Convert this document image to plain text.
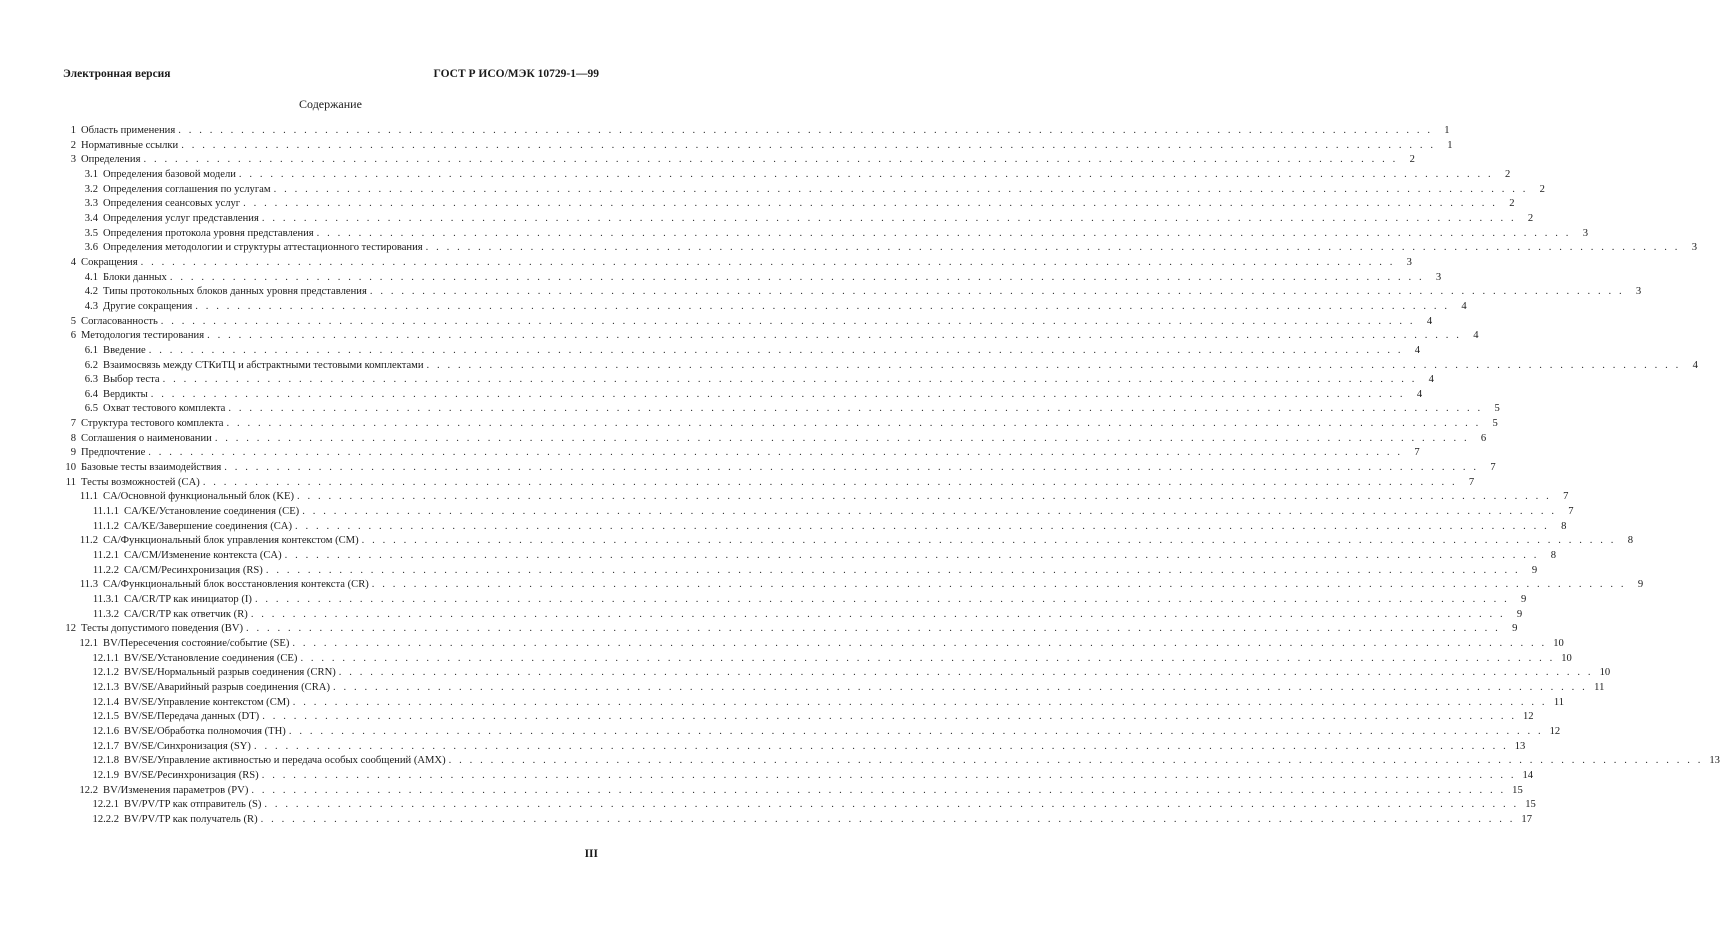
Электронная версия	ГОСТ Р ИСО/МЭК 10729-1—99
Содержание
1 Область применения . . . . . . . . . . . . . . . . . . . . . . . . . . . . . . . . . . . . . . . . . . . . . . . . . . . . . . . . . . . . . . . . . . . . . . . . . . . . . . . . . . . . . . . . . . . . . . . . . . . . . . . . . . . . . . . . . . . . . . . .	1
2 Нормативные ссылки . . . . . . . . . . . . . . . . . . . . . . . . . . . . . . . . . . . . . . . . . . . . . . . . . . . . . . . . . . . . . . . . . . . . . . . . . . . . . . . . . . . . . . . . . . . . . . . . . . . . . . . . . . . . . . . . . . . . . . . .	1
3 Определения . . . . . . . . . . . . . . . . . . . . . . . . . . . . . . . . . . . . . . . . . . . . . . . . . . . . . . . . . . . . . . . . . . . . . . . . . . . . . . . . . . . . . . . . . . . . . . . . . . . . . . . . . . . . . . . . . . . . . . . .	2
3.1 Определения базовой модели . . . . . . . . . . . . . . . . . . . . . . . . . . . . . . . . . . . . . . . . . . . . . . . . . . . . . . . . . . . . . . . . . . . . . . . . . . . . . . . . . . . . . . . . . . . . . . . . . . . . . . . . . . . . . . . . . . . . . . . .	2
3.2 Определения соглашения по услугам . . . . . . . . . . . . . . . . . . . . . . . . . . . . . . . . . . . . . . . . . . . . . . . . . . . . . . . . . . . . . . . . . . . . . . . . . . . . . . . . . . . . . . . . . . . . . . . . . . . . . . . . . . . . . . . . . . . . . . . .	2
3.3 Определения сеансовых услуг . . . . . . . . . . . . . . . . . . . . . . . . . . . . . . . . . . . . . . . . . . . . . . . . . . . . . . . . . . . . . . . . . . . . . . . . . . . . . . . . . . . . . . . . . . . . . . . . . . . . . . . . . . . . . . . . . . . . . . . .	2
3.4 Определения услуг представления . . . . . . . . . . . . . . . . . . . . . . . . . . . . . . . . . . . . . . . . . . . . . . . . . . . . . . . . . . . . . . . . . . . . . . . . . . . . . . . . . . . . . . . . . . . . . . . . . . . . . . . . . . . . . . . . . . . . . . . .	2
3.5 Определения протокола уровня представления . . . . . . . . . . . . . . . . . . . . . . . . . . . . . . . . . . . . . . . . . . . . . . . . . . . . . . . . . . . . . . . . . . . . . . . . . . . . . . . . . . . . . . . . . . . . . . . . . . . . . . . . . . . . . . . . . . . . . . . .	3
3.6 Определения методологии и структуры аттестационного тестирования . . . . . . . . . . . . . . . . . . . . . . . . . . . . . . . . . . . . . . . . . . . . . . . . . . . . . . . . . . . . . . . . . . . . . . . . . . . . . . . . . . . . . . . . . . . . . . . . . . . . . . . . . . . . . . . . . . . . . . . .	3
4 Сокращения . . . . . . . . . . . . . . . . . . . . . . . . . . . . . . . . . . . . . . . . . . . . . . . . . . . . . . . . . . . . . . . . . . . . . . . . . . . . . . . . . . . . . . . . . . . . . . . . . . . . . . . . . . . . . . . . . . . . . . . .	3
4.1 Блоки данных . . . . . . . . . . . . . . . . . . . . . . . . . . . . . . . . . . . . . . . . . . . . . . . . . . . . . . . . . . . . . . . . . . . . . . . . . . . . . . . . . . . . . . . . . . . . . . . . . . . . . . . . . . . . . . . . . . . . . . . .	3
4.2 Типы протокольных блоков данных уровня представления . . . . . . . . . . . . . . . . . . . . . . . . . . . . . . . . . . . . . . . . . . . . . . . . . . . . . . . . . . . . . . . . . . . . . . . . . . . . . . . . . . . . . . . . . . . . . . . . . . . . . . . . . . . . . . . . . . . . . . . .	3
4.3 Другие сокращения . . . . . . . . . . . . . . . . . . . . . . . . . . . . . . . . . . . . . . . . . . . . . . . . . . . . . . . . . . . . . . . . . . . . . . . . . . . . . . . . . . . . . . . . . . . . . . . . . . . . . . . . . . . . . . . . . . . . . . . .	4
5 Согласованность . . . . . . . . . . . . . . . . . . . . . . . . . . . . . . . . . . . . . . . . . . . . . . . . . . . . . . . . . . . . . . . . . . . . . . . . . . . . . . . . . . . . . . . . . . . . . . . . . . . . . . . . . . . . . . . . . . . . . . . .	4
6 Методология тестирования . . . . . . . . . . . . . . . . . . . . . . . . . . . . . . . . . . . . . . . . . . . . . . . . . . . . . . . . . . . . . . . . . . . . . . . . . . . . . . . . . . . . . . . . . . . . . . . . . . . . . . . . . . . . . . . . . . . . . . . .	4
6.1 Введение . . . . . . . . . . . . . . . . . . . . . . . . . . . . . . . . . . . . . . . . . . . . . . . . . . . . . . . . . . . . . . . . . . . . . . . . . . . . . . . . . . . . . . . . . . . . . . . . . . . . . . . . . . . . . . . . . . . . . . . .	4
6.2 Взаимосвязь между СТКиТЦ и абстрактными тестовыми комплектами . . . . . . . . . . . . . . . . . . . . . . . . . . . . . . . . . . . . . . . . . . . . . . . . . . . . . . . . . . . . . . . . . . . . . . . . . . . . . . . . . . . . . . . . . . . . . . . . . . . . . . . . . . . . . . . . . . . . . . . .	4
6.3 Выбор теста . . . . . . . . . . . . . . . . . . . . . . . . . . . . . . . . . . . . . . . . . . . . . . . . . . . . . . . . . . . . . . . . . . . . . . . . . . . . . . . . . . . . . . . . . . . . . . . . . . . . . . . . . . . . . . . . . . . . . . . .	4
6.4 Вердикты . . . . . . . . . . . . . . . . . . . . . . . . . . . . . . . . . . . . . . . . . . . . . . . . . . . . . . . . . . . . . . . . . . . . . . . . . . . . . . . . . . . . . . . . . . . . . . . . . . . . . . . . . . . . . . . . . . . . . . . .	4
6.5 Охват тестового комплекта . . . . . . . . . . . . . . . . . . . . . . . . . . . . . . . . . . . . . . . . . . . . . . . . . . . . . . . . . . . . . . . . . . . . . . . . . . . . . . . . . . . . . . . . . . . . . . . . . . . . . . . . . . . . . . . . . . . . . . . .	5
7 Структура тестового комплекта . . . . . . . . . . . . . . . . . . . . . . . . . . . . . . . . . . . . . . . . . . . . . . . . . . . . . . . . . . . . . . . . . . . . . . . . . . . . . . . . . . . . . . . . . . . . . . . . . . . . . . . . . . . . . . . . . . . . . . . .	5
8 Соглашения о наименовании . . . . . . . . . . . . . . . . . . . . . . . . . . . . . . . . . . . . . . . . . . . . . . . . . . . . . . . . . . . . . . . . . . . . . . . . . . . . . . . . . . . . . . . . . . . . . . . . . . . . . . . . . . . . . . . . . . . . . . . .	6
9 Предпочтение . . . . . . . . . . . . . . . . . . . . . . . . . . . . . . . . . . . . . . . . . . . . . . . . . . . . . . . . . . . . . . . . . . . . . . . . . . . . . . . . . . . . . . . . . . . . . . . . . . . . . . . . . . . . . . . . . . . . . . . .	7
10 Базовые тесты взаимодействия . . . . . . . . . . . . . . . . . . . . . . . . . . . . . . . . . . . . . . . . . . . . . . . . . . . . . . . . . . . . . . . . . . . . . . . . . . . . . . . . . . . . . . . . . . . . . . . . . . . . . . . . . . . . . . . . . . . . . . . .	7
11 Тесты возможностей (CA) . . . . . . . . . . . . . . . . . . . . . . . . . . . . . . . . . . . . . . . . . . . . . . . . . . . . . . . . . . . . . . . . . . . . . . . . . . . . . . . . . . . . . . . . . . . . . . . . . . . . . . . . . . . . . . . . . . . . . . . .	7
11.1 CA/Основной функциональный блок (KE) . . . . . . . . . . . . . . . . . . . . . . . . . . . . . . . . . . . . . . . . . . . . . . . . . . . . . . . . . . . . . . . . . . . . . . . . . . . . . . . . . . . . . . . . . . . . . . . . . . . . . . . . . . . . . . . . . . . . . . . .	7
11.1.1 CA/KE/Установление соединения (CE) . . . . . . . . . . . . . . . . . . . . . . . . . . . . . . . . . . . . . . . . . . . . . . . . . . . . . . . . . . . . . . . . . . . . . . . . . . . . . . . . . . . . . . . . . . . . . . . . . . . . . . . . . . . . . . . . . . . . . . . .	7
11.1.2 CA/KE/Завершение соединения (CA) . . . . . . . . . . . . . . . . . . . . . . . . . . . . . . . . . . . . . . . . . . . . . . . . . . . . . . . . . . . . . . . . . . . . . . . . . . . . . . . . . . . . . . . . . . . . . . . . . . . . . . . . . . . . . . . . . . . . . . . .	8
11.2 CA/Функциональный блок управления контекстом (CM) . . . . . . . . . . . . . . . . . . . . . . . . . . . . . . . . . . . . . . . . . . . . . . . . . . . . . . . . . . . . . . . . . . . . . . . . . . . . . . . . . . . . . . . . . . . . . . . . . . . . . . . . . . . . . . . . . . . . . . . .	8
11.2.1 CA/CM/Изменение контекста (CA) . . . . . . . . . . . . . . . . . . . . . . . . . . . . . . . . . . . . . . . . . . . . . . . . . . . . . . . . . . . . . . . . . . . . . . . . . . . . . . . . . . . . . . . . . . . . . . . . . . . . . . . . . . . . . . . . . . . . . . . .	8
11.2.2 CA/CM/Ресинхронизация (RS) . . . . . . . . . . . . . . . . . . . . . . . . . . . . . . . . . . . . . . . . . . . . . . . . . . . . . . . . . . . . . . . . . . . . . . . . . . . . . . . . . . . . . . . . . . . . . . . . . . . . . . . . . . . . . . . . . . . . . . . .	9
11.3 CA/Функциональный блок восстановления контекста (CR) . . . . . . . . . . . . . . . . . . . . . . . . . . . . . . . . . . . . . . . . . . . . . . . . . . . . . . . . . . . . . . . . . . . . . . . . . . . . . . . . . . . . . . . . . . . . . . . . . . . . . . . . . . . . . . . . . . . . . . . .	9
11.3.1 CA/CR/TP как инициатор (I) . . . . . . . . . . . . . . . . . . . . . . . . . . . . . . . . . . . . . . . . . . . . . . . . . . . . . . . . . . . . . . . . . . . . . . . . . . . . . . . . . . . . . . . . . . . . . . . . . . . . . . . . . . . . . . . . . . . . . . . .	9
11.3.2 CA/CR/TP как ответчик (R) . . . . . . . . . . . . . . . . . . . . . . . . . . . . . . . . . . . . . . . . . . . . . . . . . . . . . . . . . . . . . . . . . . . . . . . . . . . . . . . . . . . . . . . . . . . . . . . . . . . . . . . . . . . . . . . . . . . . . . . .	9
12 Тесты допустимого поведения (BV) . . . . . . . . . . . . . . . . . . . . . . . . . . . . . . . . . . . . . . . . . . . . . . . . . . . . . . . . . . . . . . . . . . . . . . . . . . . . . . . . . . . . . . . . . . . . . . . . . . . . . . . . . . . . . . . . . . . . . . . .	9
12.1 BV/Пересечения состояние/событие (SE) . . . . . . . . . . . . . . . . . . . . . . . . . . . . . . . . . . . . . . . . . . . . . . . . . . . . . . . . . . . . . . . . . . . . . . . . . . . . . . . . . . . . . . . . . . . . . . . . . . . . . . . . . . . . . . . . . . . . . . . . 10
12.1.1 BV/SE/Установление соединения (CE) . . . . . . . . . . . . . . . . . . . . . . . . . . . . . . . . . . . . . . . . . . . . . . . . . . . . . . . . . . . . . . . . . . . . . . . . . . . . . . . . . . . . . . . . . . . . . . . . . . . . . . . . . . . . . . . . . . . . . . . . 10
12.1.2 BV/SE/Нормальный разрыв соединения (CRN) . . . . . . . . . . . . . . . . . . . . . . . . . . . . . . . . . . . . . . . . . . . . . . . . . . . . . . . . . . . . . . . . . . . . . . . . . . . . . . . . . . . . . . . . . . . . . . . . . . . . . . . . . . . . . . . . . . . . . . . . 10
12.1.3 BV/SE/Аварийный разрыв соединения (CRA) . . . . . . . . . . . . . . . . . . . . . . . . . . . . . . . . . . . . . . . . . . . . . . . . . . . . . . . . . . . . . . . . . . . . . . . . . . . . . . . . . . . . . . . . . . . . . . . . . . . . . . . . . . . . . . . . . . . . . . . . 11
12.1.4 BV/SE/Управление контекстом (CM) . . . . . . . . . . . . . . . . . . . . . . . . . . . . . . . . . . . . . . . . . . . . . . . . . . . . . . . . . . . . . . . . . . . . . . . . . . . . . . . . . . . . . . . . . . . . . . . . . . . . . . . . . . . . . . . . . . . . . . . . 11
12.1.5 BV/SE/Передача данных (DT) . . . . . . . . . . . . . . . . . . . . . . . . . . . . . . . . . . . . . . . . . . . . . . . . . . . . . . . . . . . . . . . . . . . . . . . . . . . . . . . . . . . . . . . . . . . . . . . . . . . . . . . . . . . . . . . . . . . . . . . . 12
12.1.6 BV/SE/Обработка полномочия (TH) . . . . . . . . . . . . . . . . . . . . . . . . . . . . . . . . . . . . . . . . . . . . . . . . . . . . . . . . . . . . . . . . . . . . . . . . . . . . . . . . . . . . . . . . . . . . . . . . . . . . . . . . . . . . . . . . . . . . . . . . 12
12.1.7 BV/SE/Синхронизация (SY) . . . . . . . . . . . . . . . . . . . . . . . . . . . . . . . . . . . . . . . . . . . . . . . . . . . . . . . . . . . . . . . . . . . . . . . . . . . . . . . . . . . . . . . . . . . . . . . . . . . . . . . . . . . . . . . . . . . . . . . . 13
12.1.8 BV/SE/Управление активностью и передача особых сообщений (AMX) . . . . . . . . . . . . . . . . . . . . . . . . . . . . . . . . . . . . . . . . . . . . . . . . . . . . . . . . . . . . . . . . . . . . . . . . . . . . . . . . . . . . . . . . . . . . . . . . . . . . . . . . . . . . . . . . . . . . . . . . 13
12.1.9 BV/SE/Ресинхронизация (RS) . . . . . . . . . . . . . . . . . . . . . . . . . . . . . . . . . . . . . . . . . . . . . . . . . . . . . . . . . . . . . . . . . . . . . . . . . . . . . . . . . . . . . . . . . . . . . . . . . . . . . . . . . . . . . . . . . . . . . . . . 14
12.2 BV/Изменения параметров (PV) . . . . . . . . . . . . . . . . . . . . . . . . . . . . . . . . . . . . . . . . . . . . . . . . . . . . . . . . . . . . . . . . . . . . . . . . . . . . . . . . . . . . . . . . . . . . . . . . . . . . . . . . . . . . . . . . . . . . . . . . 15
12.2.1 BV/PV/TP как отправитель (S) . . . . . . . . . . . . . . . . . . . . . . . . . . . . . . . . . . . . . . . . . . . . . . . . . . . . . . . . . . . . . . . . . . . . . . . . . . . . . . . . . . . . . . . . . . . . . . . . . . . . . . . . . . . . . . . . . . . . . . . . 15
12.2.2 BV/PV/TP как получатель (R) . . . . . . . . . . . . . . . . . . . . . . . . . . . . . . . . . . . . . . . . . . . . . . . . . . . . . . . . . . . . . . . . . . . . . . . . . . . . . . . . . . . . . . . . . . . . . . . . . . . . . . . . . . . . . . . . . . . . . . . . 17
III
